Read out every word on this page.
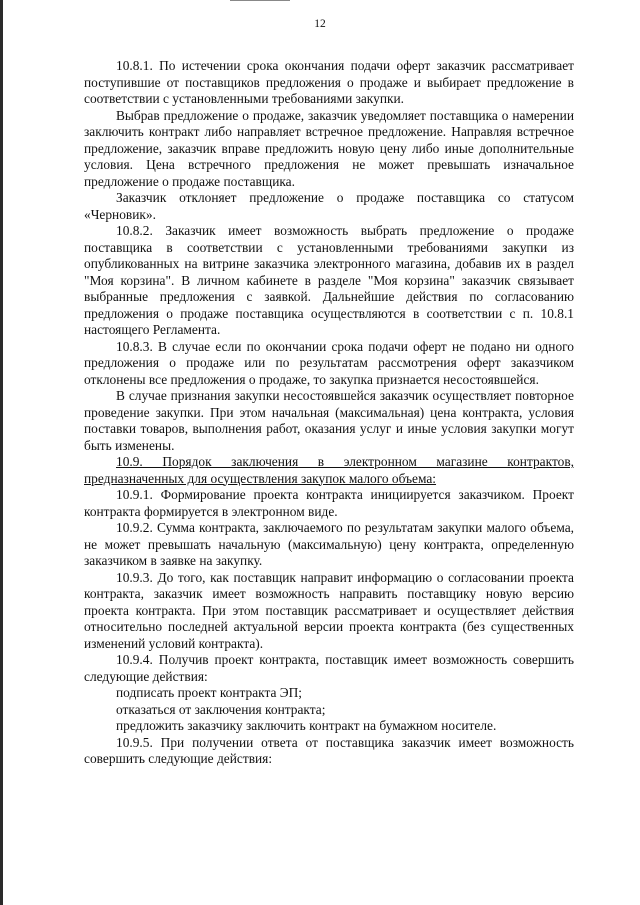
12

10.8.1. По истечении срока окончания подачи оферт заказчик рассматривает поступившие от поставщиков предложения о продаже и выбирает предложение в соответствии с установленными требованиями закупки.

Выбрав предложение о продаже, заказчик уведомляет поставщика о намерении заключить контракт либо направляет встречное предложение. Направляя встречное предложение, заказчик вправе предложить новую цену либо иные дополнительные условия. Цена встречного предложения не может превышать изначальное предложение о продаже поставщика.

Заказчик отклоняет предложение о продаже поставщика со статусом «Черновик».

10.8.2. Заказчик имеет возможность выбрать предложение о продаже поставщика в соответствии с установленными требованиями закупки из опубликованных на витрине заказчика электронного магазина, добавив их в раздел "Моя корзина". В личном кабинете в разделе "Моя корзина" заказчик связывает выбранные предложения с заявкой. Дальнейшие действия по согласованию предложения о продаже поставщика осуществляются в соответствии с п. 10.8.1 настоящего Регламента.

10.8.3. В случае если по окончании срока подачи оферт не подано ни одного предложения о продаже или по результатам рассмотрения оферт заказчиком отклонены все предложения о продаже, то закупка признается несостоявшейся.

В случае признания закупки несостоявшейся заказчик осуществляет повторное проведение закупки. При этом начальная (максимальная) цена контракта, условия поставки товаров, выполнения работ, оказания услуг и иные условия закупки могут быть изменены.

10.9. Порядок заключения в электронном магазине контрактов, предназначенных для осуществления закупок малого объема:

10.9.1. Формирование проекта контракта инициируется заказчиком. Проект контракта формируется в электронном виде.

10.9.2. Сумма контракта, заключаемого по результатам закупки малого объема, не может превышать начальную (максимальную) цену контракта, определенную заказчиком в заявке на закупку.

10.9.3. До того, как поставщик направит информацию о согласовании проекта контракта, заказчик имеет возможность направить поставщику новую версию проекта контракта. При этом поставщик рассматривает и осуществляет действия относительно последней актуальной версии проекта контракта (без существенных изменений условий контракта).

10.9.4. Получив проект контракта, поставщик имеет возможность совершить следующие действия:

подписать проект контракта ЭП;

отказаться от заключения контракта;

предложить заказчику заключить контракт на бумажном носителе.

10.9.5. При получении ответа от поставщика заказчик имеет возможность совершить следующие действия:
